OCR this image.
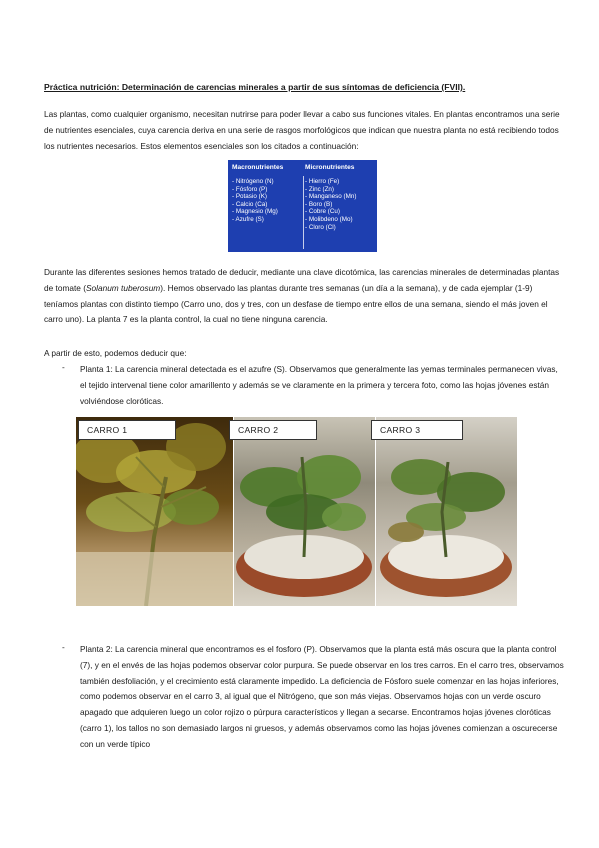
Práctica nutrición: Determinación de carencias minerales a partir de sus síntomas de deficiencia (FVII).
Las plantas, como cualquier organismo, necesitan nutrirse para poder llevar a cabo sus funciones vitales. En plantas encontramos una serie de nutrientes esenciales, cuya carencia deriva en una serie de rasgos morfológicos que indican que nuestra planta no está recibiendo todos los nutrientes necesarios. Estos elementos esenciales son los citados a continuación:
Macronutrientes
- Nitrógeno (N)
- Fósforo (P)
- Potasio (K)
- Calcio (Ca)
- Magnesio (Mg)
- Azufre (S)
Micronutrientes
- Hierro (Fe)
- Zinc (Zn)
- Manganeso (Mn)
- Boro (B)
- Cobre (Cu)
- Molibdeno (Mo)
- Cloro (Cl)
Durante las diferentes sesiones hemos tratado de deducir, mediante una clave dicotómica, las carencias minerales de determinadas plantas de tomate (Solanum tuberosum). Hemos observado las plantas durante tres semanas (un día a la semana), y de cada ejemplar (1-9) teníamos plantas con distinto tiempo (Carro uno, dos y tres, con un desfase de tiempo entre ellos de una semana, siendo el más joven el carro uno). La planta 7 es la planta control, la cual no tiene ninguna carencia.
A partir de esto, podemos deducir que:
- Planta 1: La carencia mineral detectada es el azufre (S). Observamos que generalmente las yemas terminales permanecen vivas, el tejido intervenal tiene color amarillento y además se ve claramente en la primera y tercera foto, como las hojas jóvenes están volviéndose cloróticas.
CARRO 1	CARRO 2	CARRO 3
- Planta 2: La carencia mineral que encontramos es el fosforo (P). Observamos que la planta está más oscura que la planta control (7), y en el envés de las hojas podemos observar color purpura. Se puede observar en los tres carros. En el carro tres, observamos también desfoliación, y el crecimiento está claramente impedido. La deficiencia de Fósforo suele comenzar en las hojas inferiores, como podemos observar en el carro 3, al igual que el Nitrógeno, que son más viejas. Observamos hojas con un verde oscuro apagado que adquieren luego un color rojizo o púrpura característicos y llegan a secarse. Encontramos hojas jóvenes cloróticas (carro 1), los tallos no son demasiado largos ni gruesos, y además observamos como las hojas jóvenes comienzan a oscurecerse con un verde típico
